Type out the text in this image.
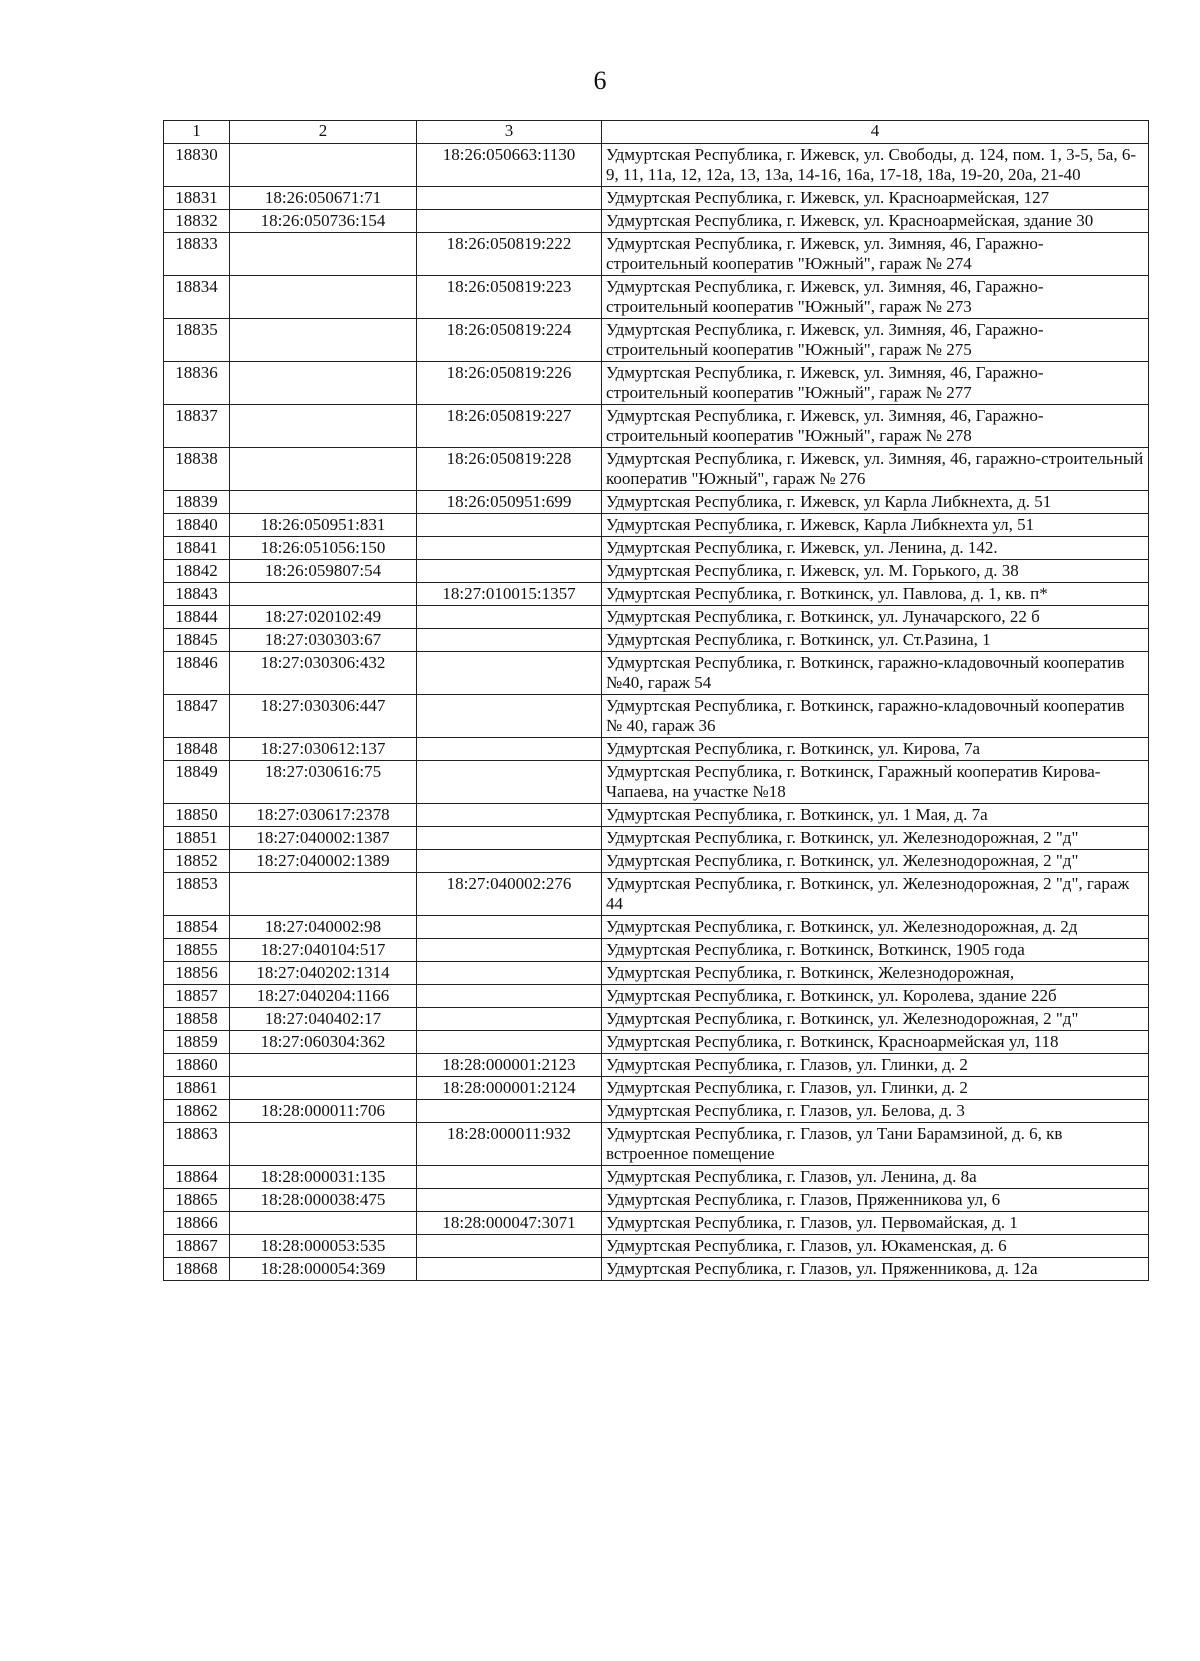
6
1	2	3	4
18830		18:26:050663:1130	Удмуртская Республика, г. Ижевск, ул. Свободы, д. 124, пом. 1, 3-5, 5а, 6-9, 11, 11а, 12, 12а, 13, 13а, 14-16, 16а, 17-18, 18а, 19-20, 20а, 21-40
18831	18:26:050671:71		Удмуртская Республика, г. Ижевск, ул. Красноармейская, 127
18832	18:26:050736:154		Удмуртская Республика, г. Ижевск, ул. Красноармейская, здание 30
18833		18:26:050819:222	Удмуртская Республика, г. Ижевск, ул. Зимняя, 46, Гаражно-строительный кооператив "Южный", гараж № 274
18834		18:26:050819:223	Удмуртская Республика, г. Ижевск, ул. Зимняя, 46, Гаражно-строительный кооператив "Южный", гараж № 273
18835		18:26:050819:224	Удмуртская Республика, г. Ижевск, ул. Зимняя, 46, Гаражно-строительный кооператив "Южный", гараж № 275
18836		18:26:050819:226	Удмуртская Республика, г. Ижевск, ул. Зимняя, 46, Гаражно-строительный кооператив "Южный", гараж № 277
18837		18:26:050819:227	Удмуртская Республика, г. Ижевск, ул. Зимняя, 46, Гаражно-строительный кооператив "Южный", гараж № 278
18838		18:26:050819:228	Удмуртская Республика, г. Ижевск, ул. Зимняя, 46, гаражно-строительный кооператив "Южный", гараж № 276
18839		18:26:050951:699	Удмуртская Республика, г. Ижевск, ул Карла Либкнехта, д. 51
18840	18:26:050951:831		Удмуртская Республика, г. Ижевск, Карла Либкнехта ул, 51
18841	18:26:051056:150		Удмуртская Республика, г. Ижевск, ул. Ленина, д. 142.
18842	18:26:059807:54		Удмуртская Республика, г. Ижевск, ул. М. Горького, д. 38
18843		18:27:010015:1357	Удмуртская Республика, г. Воткинск, ул. Павлова, д. 1, кв. п*
18844	18:27:020102:49		Удмуртская Республика, г. Воткинск, ул. Луначарского, 22 б
18845	18:27:030303:67		Удмуртская Республика, г. Воткинск, ул. Ст.Разина, 1
18846	18:27:030306:432		Удмуртская Республика, г. Воткинск, гаражно-кладовочный кооператив №40, гараж 54
18847	18:27:030306:447		Удмуртская Республика, г. Воткинск, гаражно-кладовочный кооператив № 40, гараж 36
18848	18:27:030612:137		Удмуртская Республика, г. Воткинск, ул. Кирова, 7а
18849	18:27:030616:75		Удмуртская Республика, г. Воткинск, Гаражный кооператив Кирова-Чапаева, на участке №18
18850	18:27:030617:2378		Удмуртская Республика, г. Воткинск, ул. 1 Мая, д. 7а
18851	18:27:040002:1387		Удмуртская Республика, г. Воткинск, ул. Железнодорожная, 2 "д"
18852	18:27:040002:1389		Удмуртская Республика, г. Воткинск, ул. Железнодорожная, 2 "д"
18853		18:27:040002:276	Удмуртская Республика, г. Воткинск, ул. Железнодорожная, 2 "д", гараж 44
18854	18:27:040002:98		Удмуртская Республика, г. Воткинск, ул. Железнодорожная, д. 2д
18855	18:27:040104:517		Удмуртская Республика, г. Воткинск, Воткинск, 1905 года
18856	18:27:040202:1314		Удмуртская Республика, г. Воткинск, Железнодорожная,
18857	18:27:040204:1166		Удмуртская Республика, г. Воткинск, ул. Королева, здание 22б
18858	18:27:040402:17		Удмуртская Республика, г. Воткинск, ул. Железнодорожная, 2 "д"
18859	18:27:060304:362		Удмуртская Республика, г. Воткинск, Красноармейская ул, 118
18860		18:28:000001:2123	Удмуртская Республика, г. Глазов, ул. Глинки, д. 2
18861		18:28:000001:2124	Удмуртская Республика, г. Глазов, ул. Глинки, д. 2
18862	18:28:000011:706		Удмуртская Республика, г. Глазов, ул. Белова, д. 3
18863		18:28:000011:932	Удмуртская Республика, г. Глазов, ул Тани Барамзиной, д. 6, кв встроенное помещение
18864	18:28:000031:135		Удмуртская Республика, г. Глазов, ул. Ленина, д. 8а
18865	18:28:000038:475		Удмуртская Республика, г. Глазов, Пряженникова ул, 6
18866		18:28:000047:3071	Удмуртская Республика, г. Глазов, ул. Первомайская, д. 1
18867	18:28:000053:535		Удмуртская Республика, г. Глазов, ул. Юкаменская, д. 6
18868	18:28:000054:369		Удмуртская Республика, г. Глазов, ул. Пряженникова, д. 12а
